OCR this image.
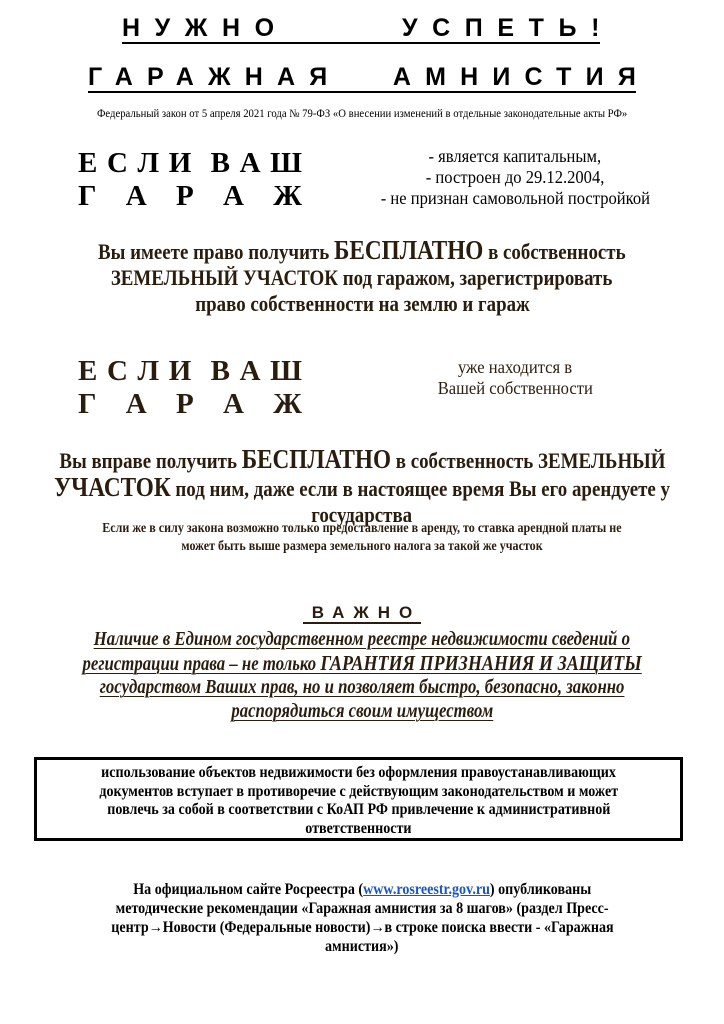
НУЖНО	УСПЕТЬ!
ГАРАЖНАЯ АМНИСТИЯ
Федеральный закон от 5 апреля 2021 года № 79-ФЗ «О внесении изменений в отдельные законодательные акты РФ»
Е С Л И В А Ш
Г А Р А Ж
- является капитальным,
- построен до 29.12.2004,
- не признан самовольной постройкой
Вы имеете право получить БЕСПЛАТНО в собственность
ЗЕМЕЛЬНЫЙ УЧАСТОК под гаражом, зарегистрировать
право собственности на землю и гараж
Е С Л И В А Ш
Г А Р А Ж
уже находится в
Вашей собственности
Вы вправе получить БЕСПЛАТНО в собственность ЗЕМЕЛЬНЫЙ
УЧАСТОК под ним, даже если в настоящее время Вы его арендуете у
государства
Если же в силу закона возможно только предоставление в аренду, то ставка арендной платы не
может быть выше размера земельного налога за такой же участок
ВАЖНО
Наличие в Едином государственном реестре недвижимости сведений о
регистрации права – не только ГАРАНТИЯ ПРИЗНАНИЯ И ЗАЩИТЫ
государством Ваших прав, но и позволяет быстро, безопасно, законно
распорядиться своим имуществом
использование объектов недвижимости без оформления правоустанавливающих
документов вступает в противоречие с действующим законодательством и может
повлечь за собой в соответствии с КоАП РФ привлечение к административной
ответственности
На официальном сайте Росреестра (www.rosreestr.gov.ru) опубликованы
методические рекомендации «Гаражная амнистия за 8 шагов» (раздел Пресс-
центр→Новости (Федеральные новости)→в строке поиска ввести - «Гаражная
амнистия»)
